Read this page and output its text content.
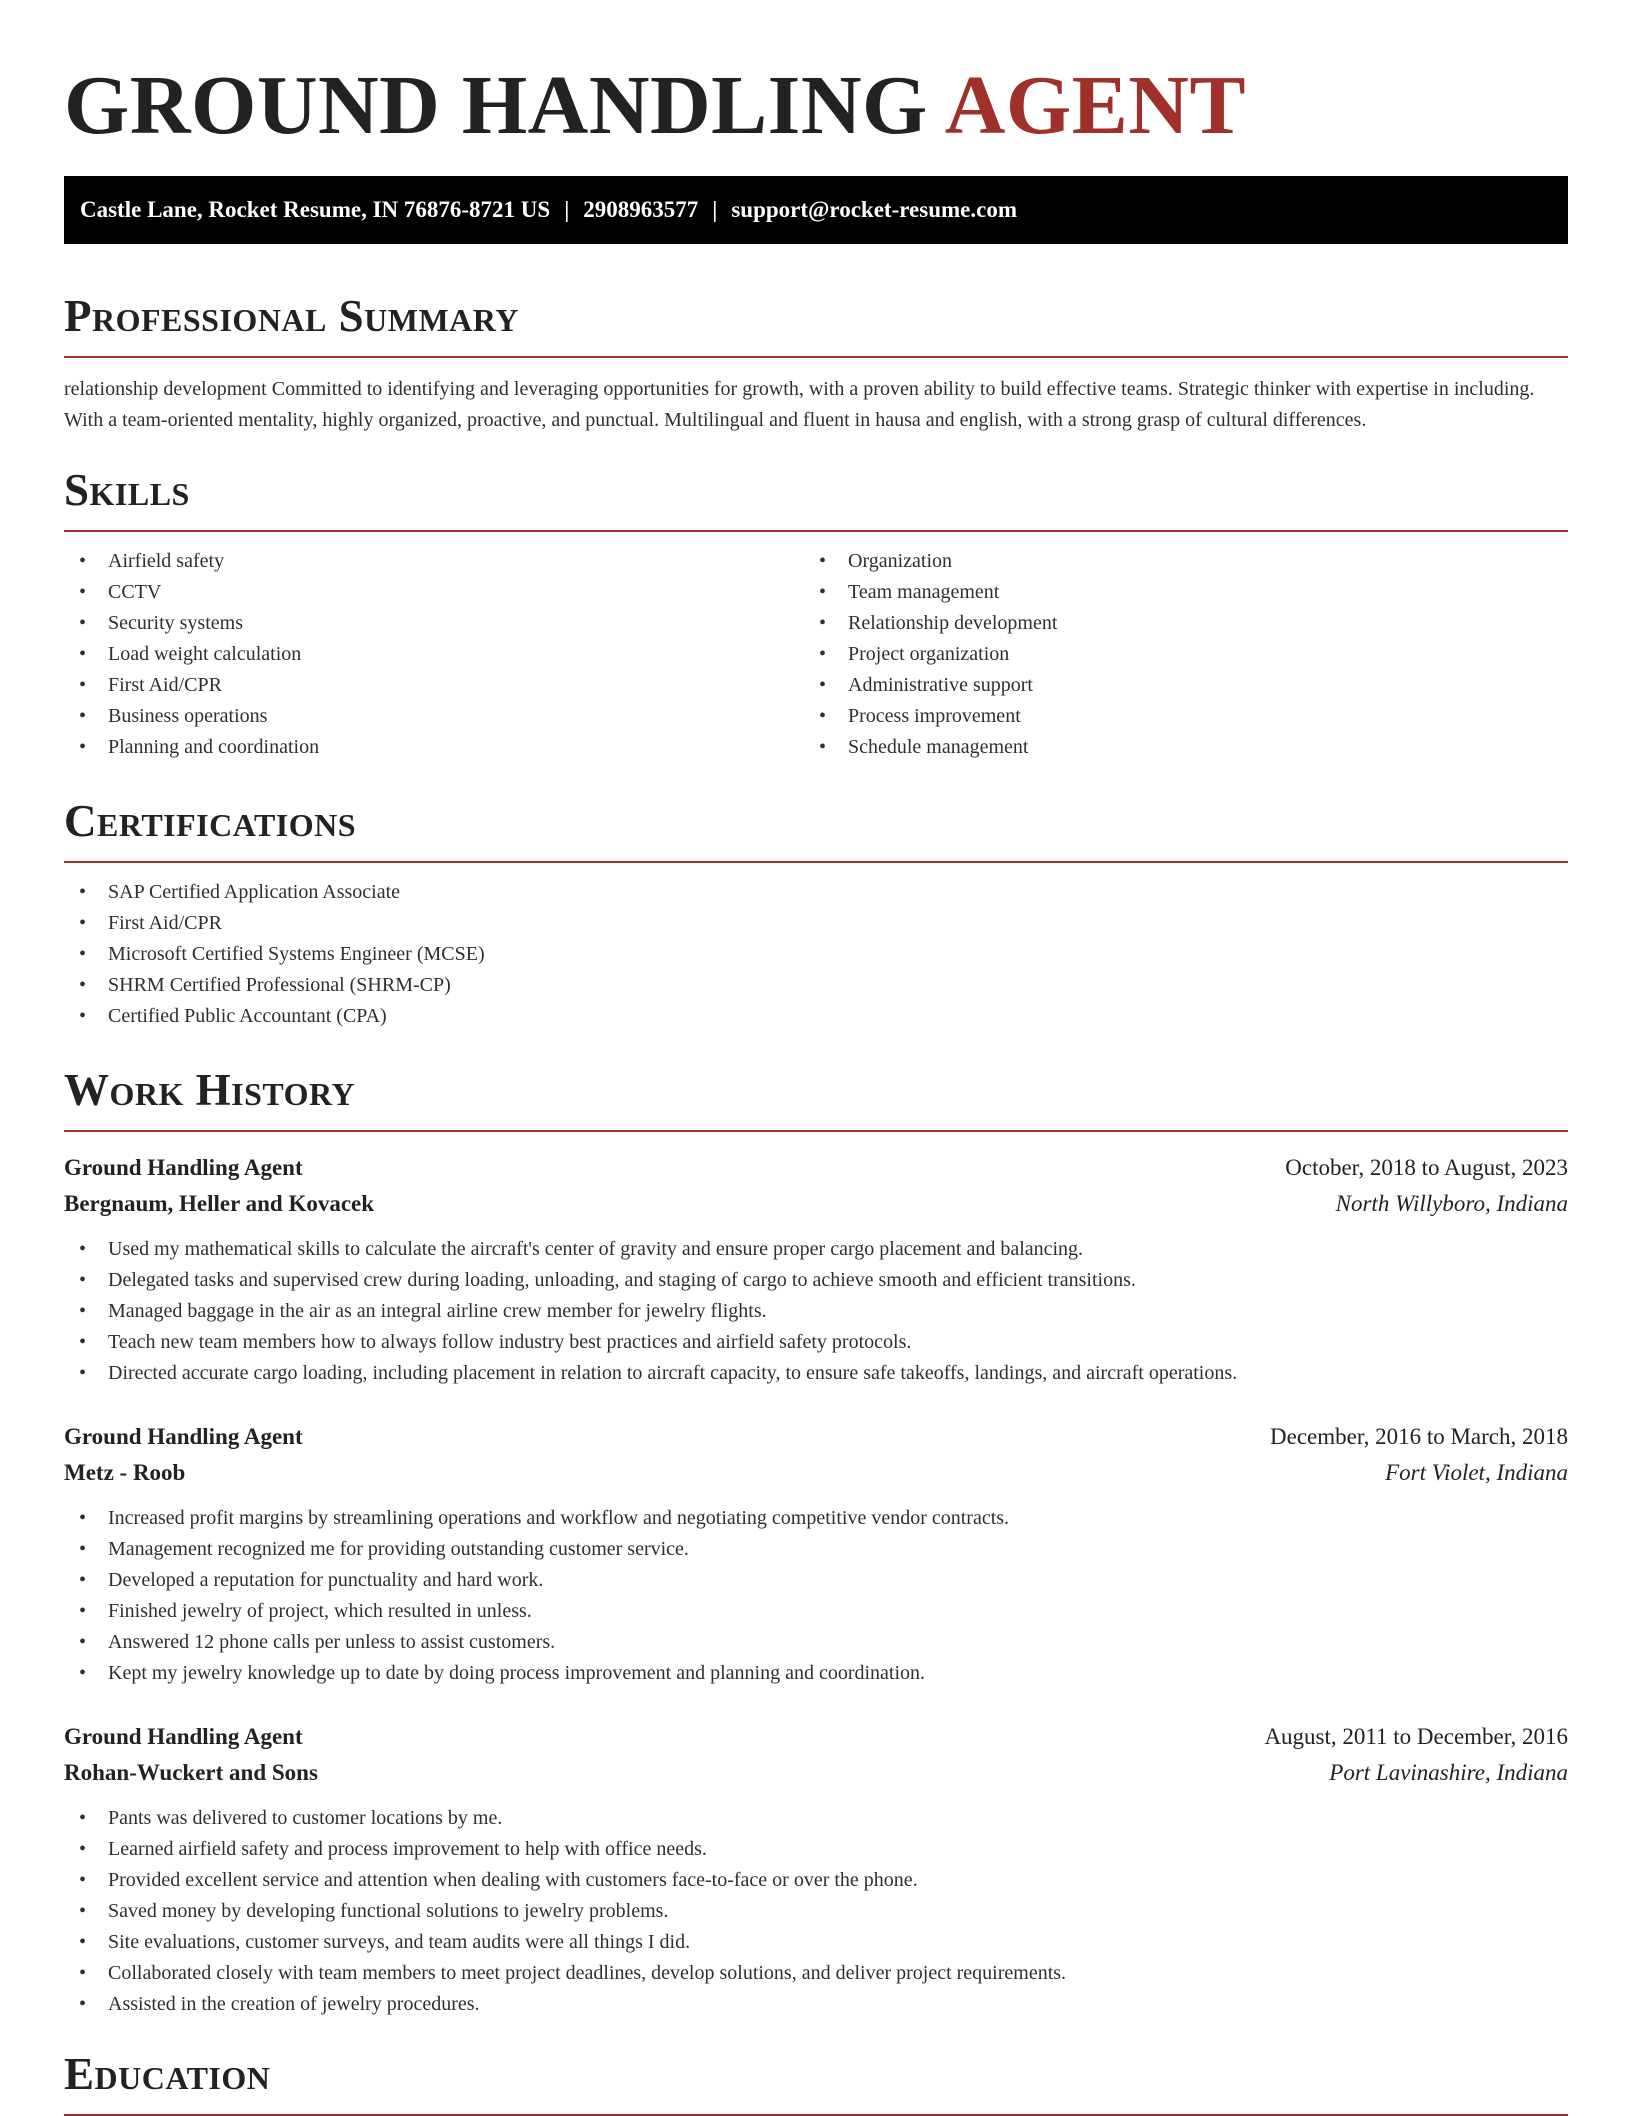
GROUND HANDLING AGENT
Castle Lane, Rocket Resume, IN 76876-8721 US | 2908963577 | support@rocket-resume.com
Professional Summary

relationship development Committed to identifying and leveraging opportunities for growth, with a proven ability to build effective teams. Strategic thinker with expertise in including. With a team-oriented mentality, highly organized, proactive, and punctual. Multilingual and fluent in hausa and english, with a strong grasp of cultural differences.

Skills
• Airfield safety
• CCTV
• Security systems
• Load weight calculation
• First Aid/CPR
• Business operations
• Planning and coordination
• Organization
• Team management
• Relationship development
• Project organization
• Administrative support
• Process improvement
• Schedule management
Certifications
• SAP Certified Application Associate
• First Aid/CPR
• Microsoft Certified Systems Engineer (MCSE)
• SHRM Certified Professional (SHRM-CP)
• Certified Public Accountant (CPA)
Work History
Ground Handling Agent	October, 2018 to August, 2023
Bergnaum, Heller and Kovacek	North Willyboro, Indiana
• Used my mathematical skills to calculate the aircraft's center of gravity and ensure proper cargo placement and balancing.
• Delegated tasks and supervised crew during loading, unloading, and staging of cargo to achieve smooth and efficient transitions.
• Managed baggage in the air as an integral airline crew member for jewelry flights.
• Teach new team members how to always follow industry best practices and airfield safety protocols.
• Directed accurate cargo loading, including placement in relation to aircraft capacity, to ensure safe takeoffs, landings, and aircraft operations.
Ground Handling Agent	December, 2016 to March, 2018
Metz - Roob	Fort Violet, Indiana
• Increased profit margins by streamlining operations and workflow and negotiating competitive vendor contracts.
• Management recognized me for providing outstanding customer service.
• Developed a reputation for punctuality and hard work.
• Finished jewelry of project, which resulted in unless.
• Answered 12 phone calls per unless to assist customers.
• Kept my jewelry knowledge up to date by doing process improvement and planning and coordination.
Ground Handling Agent	August, 2011 to December, 2016
Rohan-Wuckert and Sons	Port Lavinashire, Indiana
• Pants was delivered to customer locations by me.
• Learned airfield safety and process improvement to help with office needs.
• Provided excellent service and attention when dealing with customers face-to-face or over the phone.
• Saved money by developing functional solutions to jewelry problems.
• Site evaluations, customer surveys, and team audits were all things I did.
• Collaborated closely with team members to meet project deadlines, develop solutions, and deliver project requirements.
• Assisted in the creation of jewelry procedures.
Education
